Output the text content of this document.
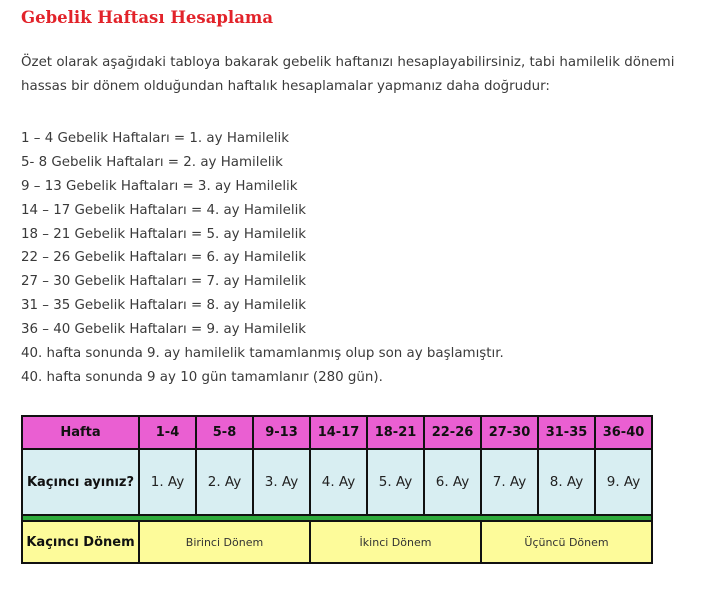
Gebelik Haftası Hesaplama

Özet olarak aşağıdaki tabloya bakarak gebelik haftanızı hesaplayabilirsiniz, tabi hamilelik dönemi hassas bir dönem olduğundan haftalık hesaplamalar yapmanız daha doğrudur:

1 – 4 Gebelik Haftaları = 1. ay Hamilelik
5- 8 Gebelik Haftaları = 2. ay Hamilelik
9 – 13 Gebelik Haftaları = 3. ay Hamilelik
14 – 17 Gebelik Haftaları = 4. ay Hamilelik
18 – 21 Gebelik Haftaları = 5. ay Hamilelik
22 – 26 Gebelik Haftaları = 6. ay Hamilelik
27 – 30 Gebelik Haftaları = 7. ay Hamilelik
31 – 35 Gebelik Haftaları = 8. ay Hamilelik
36 – 40 Gebelik Haftaları = 9. ay Hamilelik
40. hafta sonunda 9. ay hamilelik tamamlanmış olup son ay başlamıştır.
40. hafta sonunda 9 ay 10 gün tamamlanır (280 gün).
Hafta	1-4	5-8	9-13	14-17	18-21	22-26	27-30	31-35	36-40
Kaçıncı ayınız?	1. Ay	2. Ay	3. Ay	4. Ay	5. Ay	6. Ay	7. Ay	8. Ay	9. Ay

Kaçıncı Dönem	Birinci Dönem			İkinci Dönem			Üçüncü Dönem		
